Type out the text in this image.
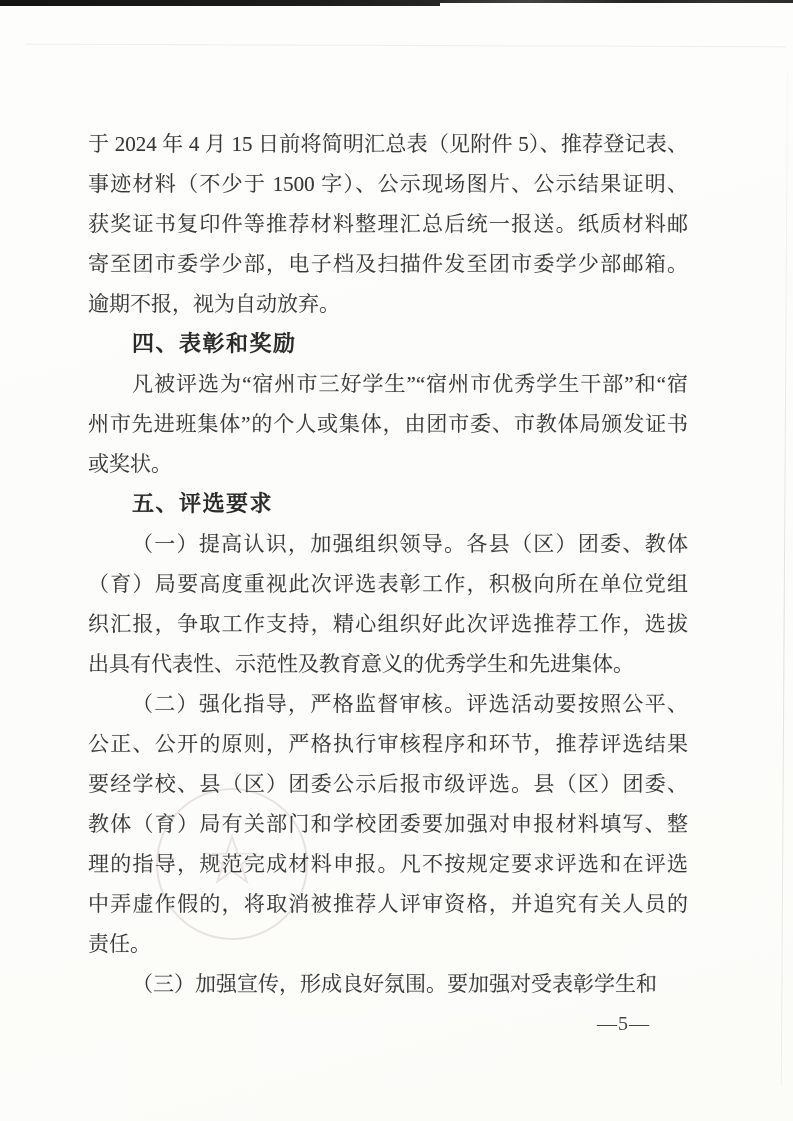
☆
于 2024 年 4 月 15 日前将简明汇总表（见附件 5）、推荐登记表、
事迹材料（不少于 1500 字）、公示现场图片、公示结果证明、
获奖证书复印件等推荐材料整理汇总后统一报送。纸质材料邮
寄至团市委学少部，电子档及扫描件发至团市委学少部邮箱。
逾期不报，视为自动放弃。
四、表彰和奖励
凡被评选为“宿州市三好学生”“宿州市优秀学生干部”和“宿
州市先进班集体”的个人或集体，由团市委、市教体局颁发证书
或奖状。
五、评选要求
（一）提高认识，加强组织领导。各县（区）团委、教体
（育）局要高度重视此次评选表彰工作，积极向所在单位党组
织汇报，争取工作支持，精心组织好此次评选推荐工作，选拔
出具有代表性、示范性及教育意义的优秀学生和先进集体。
（二）强化指导，严格监督审核。评选活动要按照公平、
公正、公开的原则，严格执行审核程序和环节，推荐评选结果
要经学校、县（区）团委公示后报市级评选。县（区）团委、
教体（育）局有关部门和学校团委要加强对申报材料填写、整
理的指导，规范完成材料申报。凡不按规定要求评选和在评选
中弄虚作假的，将取消被推荐人评审资格，并追究有关人员的
责任。
（三）加强宣传，形成良好氛围。要加强对受表彰学生和
—5—
